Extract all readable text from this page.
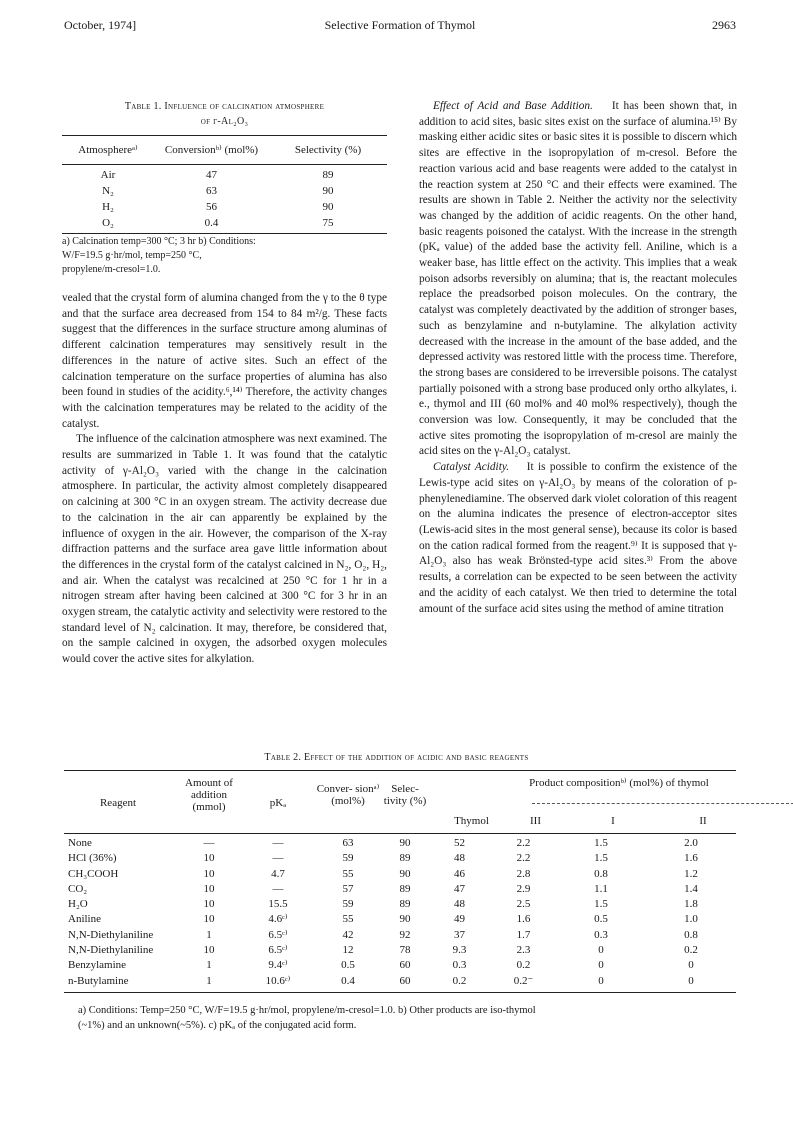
October, 1974]	Selective Formation of Thymol	2963
Table 1. Influence of calcination atmosphere
of γ-Al₂O₃
Atmosphereᵃ⁾	Conversionᵇ⁾ (mol%)	Selectivity (%)
Air	47	89
N₂	63	90
H₂	56	90
O₂	0.4	75
a) Calcination temp=300 °C; 3 hr b) Conditions:
W/F=19.5 g·hr/mol, temp=250 °C,
propylene/m-cresol=1.0.

vealed that the crystal form of alumina changed from the γ to the θ type and that the surface area decreased from 154 to 84 m²/g. These facts suggest that the differences in the surface structure among aluminas of different calcination temperatures may sensitively result in the differences in the nature of active sites. Such an effect of the calcination temperature on the surface properties of alumina has also been found in studies of the acidity.⁶,¹⁴⁾ Therefore, the activity changes with the calcination temperatures may be related to the acidity of the catalyst.

The influence of the calcination atmosphere was next examined. The results are summarized in Table 1. It was found that the catalytic activity of γ-Al₂O₃ varied with the change in the calcination atmosphere. In particular, the activity almost completely disappeared on calcining at 300 °C in an oxygen stream. The activity decrease due to the calcination in the air can apparently be explained by the influence of oxygen in the air. However, the comparison of the X-ray diffraction patterns and the surface area gave little information about the differences in the crystal form of the catalyst calcined in N₂, O₂, H₂, and air. When the catalyst was recalcined at 250 °C for 1 hr in a nitrogen stream after having been calcined at 300 °C for 3 hr in an oxygen stream, the catalytic activity and selectivity were restored to the standard level of N₂ calcination. It may, therefore, be considered that, on the sample calcined in oxygen, the adsorbed oxygen molecules would cover the active sites for alkylation.

Effect of Acid and Base Addition. It has been shown that, in addition to acid sites, basic sites exist on the surface of alumina.¹⁵⁾ By masking either acidic sites or basic sites it is possible to discern which sites are effective in the isopropylation of m-cresol. Before the reaction various acid and base reagents were added to the catalyst in the reaction system at 250 °C and their effects were examined. The results are shown in Table 2. Neither the activity nor the selectivity was changed by the addition of acidic reagents. On the other hand, basic reagents poisoned the catalyst. With the increase in the strength (pKₐ value) of the added base the activity fell. Aniline, which is a weaker base, has little effect on the activity. This implies that a weak poison adsorbs reversibly on alumina; that is, the reactant molecules replace the preadsorbed poison molecules. On the contrary, the catalyst was completely deactivated by the addition of stronger bases, such as benzylamine and n-butylamine. The alkylation activity decreased with the increase in the amount of the base added, and the depressed activity was restored little with the process time. Therefore, the strong bases are considered to be irreversible poisons. The catalyst partially poisoned with a strong base produced only ortho alkylates, i. e., thymol and III (60 mol% and 40 mol% respectively), though the conversion was low. Consequently, it may be concluded that the active sites promoting the isopropylation of m-cresol are mainly the acid sites on the γ-Al₂O₃ catalyst.

Catalyst Acidity. It is possible to confirm the existence of the Lewis-type acid sites on γ-Al₂O₃ by means of the coloration of p-phenylenediamine. The observed dark violet coloration of this reagent on the alumina indicates the presence of electron-acceptor sites (Lewis-acid sites in the most general sense), because its color is based on the cation radical formed from the reagent.⁹⁾ It is supposed that γ-Al₂O₃ also has weak Brönsted-type acid sites.³⁾ From the above results, a correlation can be expected to be seen between the activity and the acidity of each catalyst. We then tried to determine the total amount of the surface acid sites using the method of amine titration

Table 2. Effect of the addition of acidic and basic reagents
Reagent
Amount of addition (mmol)	pKₐ
Conver- sionᵃ⁾ (mol%)
Selec- tivity (%)
Product compositionᵇ⁾ (mol%) of thymol
Thymol	III	I	II
None	—	—	63	90	52	2.2	1.5	2.0
HCl (36%)	10	—	59	89	48	2.2	1.5	1.6
CH₃COOH	10	4.7	55	90	46	2.8	0.8	1.2
CO₂	10	—	57	89	47	2.9	1.1	1.4
H₂O	10	15.5	59	89	48	2.5	1.5	1.8
Aniline	10	4.6ᶜ⁾	55	90	49	1.6	0.5	1.0
N,N-Diethylaniline	1	6.5ᶜ⁾	42	92	37	1.7	0.3	0.8
N,N-Diethylaniline	10	6.5ᶜ⁾	12	78	9.3	2.3	0	0.2
Benzylamine	1	9.4ᶜ⁾	0.5	60	0.3	0.2	0	0
n-Butylamine	1	10.6ᶜ⁾	0.4	60	0.2	0.2⁻	0	0
a) Conditions: Temp=250 °C, W/F=19.5 g·hr/mol, propylene/m-cresol=1.0. b) Other products are iso-thymol
(~1%) and an unknown(~5%). c) pKₐ of the conjugated acid form.
